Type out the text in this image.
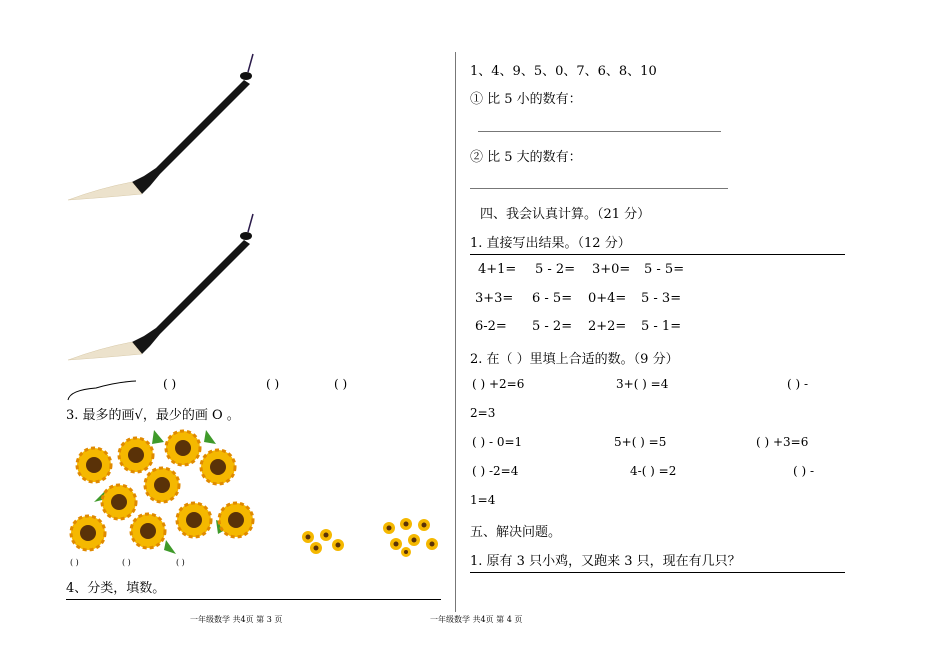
( )	( )	( )
3. 最多的画√，最少的画 O 。
( )	( )	( )
4、分类，填数。
一年级数学 共4页 第 3 页
1、4、9、5、0、7、6、8、10
① 比 5 小的数有：
② 比 5 大的数有：
四、我会认真计算。（21 分）
1. 直接写出结果。（12 分）
4+1= 5 - 2= 3+0= 5 - 5=
3+3= 6 - 5= 0+4= 5 - 3=
6-2= 5 - 2= 2+2= 5 - 1=
2. 在（ ）里填上合适的数。（9 分）
( ) +2=6	3+( ) =4	( ) -
2=3
( ) - 0=1	5+( ) =5	( ) +3=6
( ) -2=4	4-( ) =2	( ) -
1=4
五、解决问题。
1. 原有 3 只小鸡，又跑来 3 只，现在有几只？
一年级数学 共4页 第 4 页
